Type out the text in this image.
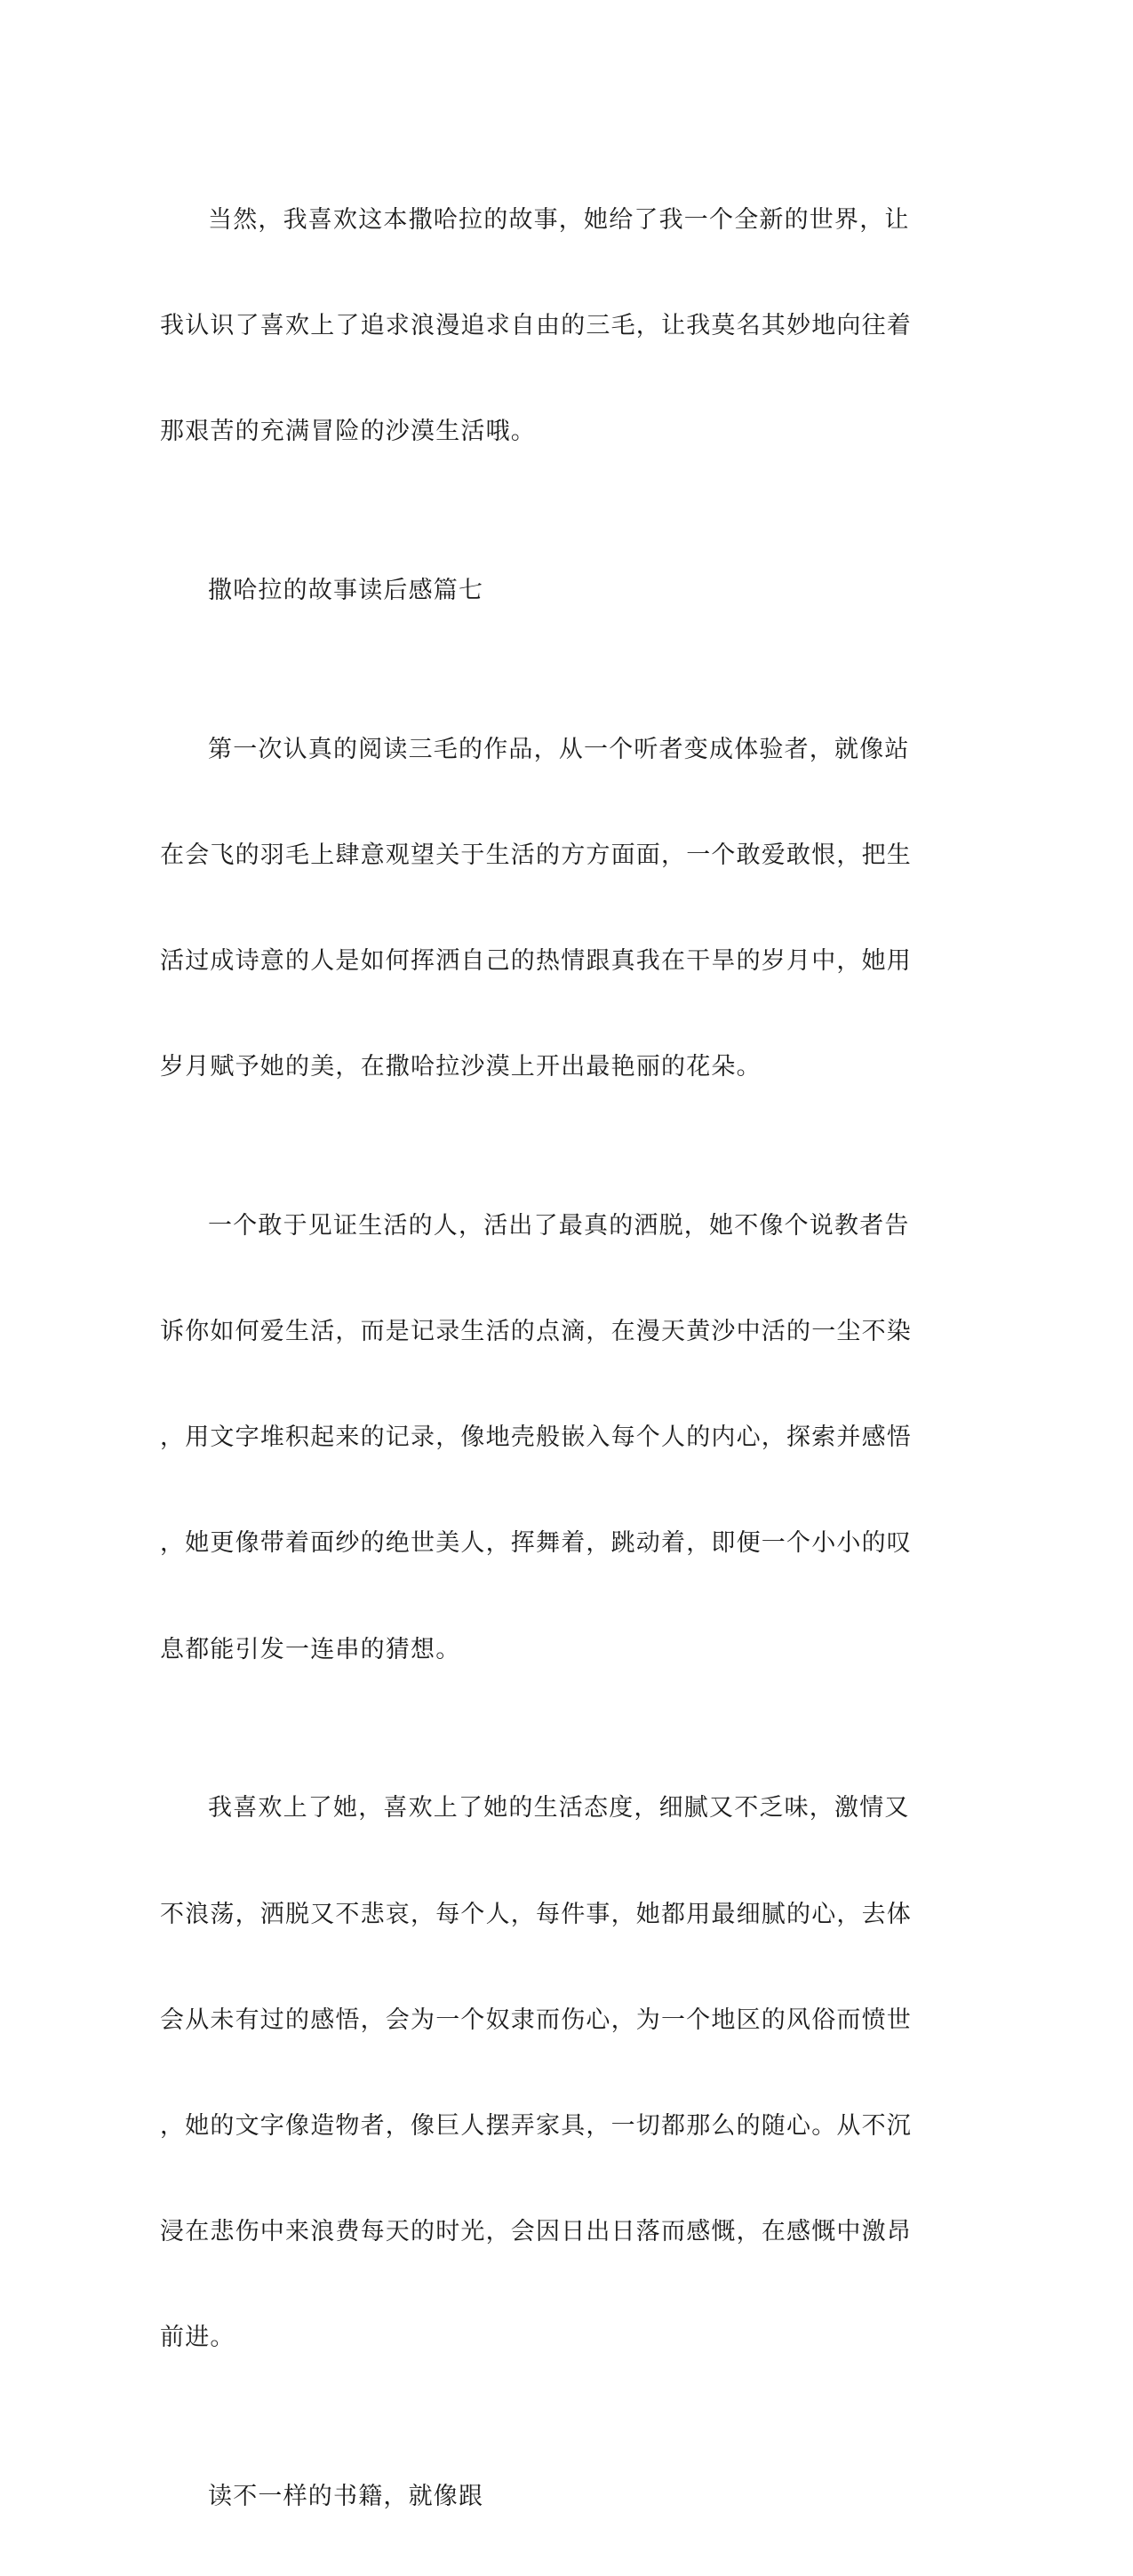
当然，我喜欢这本撒哈拉的故事，她给了我一个全新的世界，让

我认识了喜欢上了追求浪漫追求自由的三毛，让我莫名其妙地向往着

那艰苦的充满冒险的沙漠生活哦。

撒哈拉的故事读后感篇七

第一次认真的阅读三毛的作品，从一个听者变成体验者，就像站

在会飞的羽毛上肆意观望关于生活的方方面面，一个敢爱敢恨，把生

活过成诗意的人是如何挥洒自己的热情跟真我在干旱的岁月中，她用

岁月赋予她的美，在撒哈拉沙漠上开出最艳丽的花朵。

一个敢于见证生活的人，活出了最真的洒脱，她不像个说教者告

诉你如何爱生活，而是记录生活的点滴，在漫天黄沙中活的一尘不染

，用文字堆积起来的记录，像地壳般嵌入每个人的内心，探索并感悟

，她更像带着面纱的绝世美人，挥舞着，跳动着，即便一个小小的叹

息都能引发一连串的猜想。

我喜欢上了她，喜欢上了她的生活态度，细腻又不乏味，激情又

不浪荡，洒脱又不悲哀，每个人，每件事，她都用最细腻的心，去体

会从未有过的感悟，会为一个奴隶而伤心，为一个地区的风俗而愤世

，她的文字像造物者，像巨人摆弄家具，一切都那么的随心。从不沉

浸在悲伤中来浪费每天的时光，会因日出日落而感慨，在感慨中激昂

前进。

读不一样的书籍，就像跟
